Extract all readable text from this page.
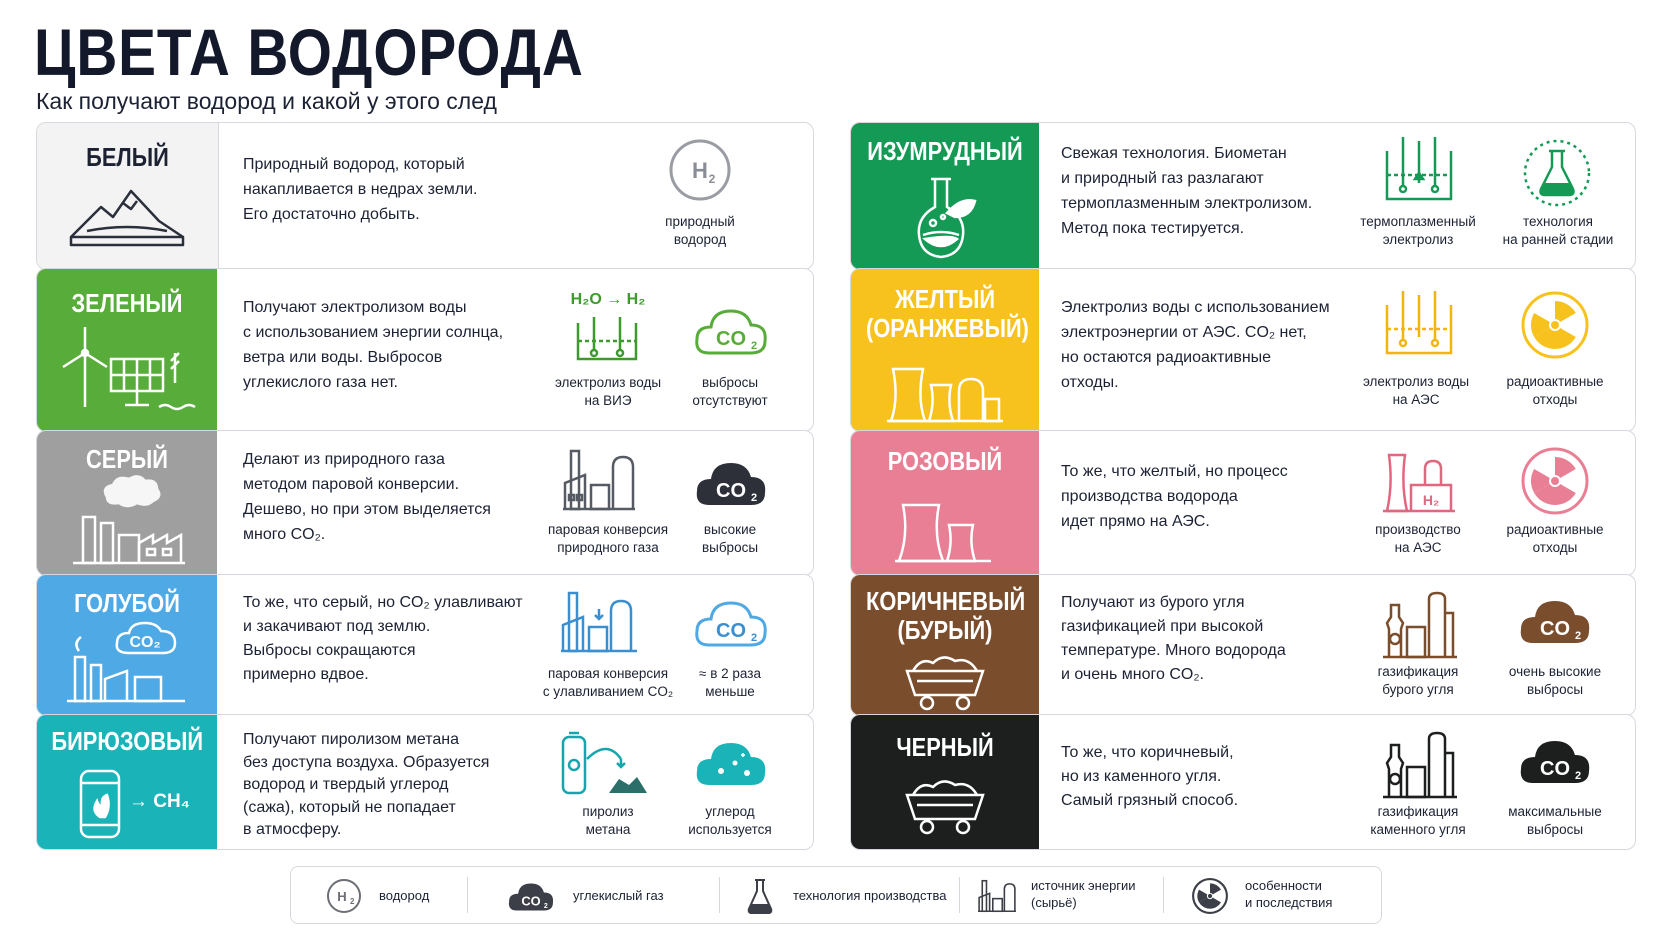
ЦВЕТА ВОДОРОДА
Как получают водород и какой у этого след
БЕЛЫЙ	Природный водород, который
накапливается в недрах земли.
Его достаточно добыть.
H 2
природный
водород
ЗЕЛЕНЫЙ	Получают электролизом воды
с использованием энергии солнца,
ветра или воды. Выбросов
углекислого газа нет.
H₂O → H₂
электролиз воды
на ВИЭ
CO 2
выбросы
отсутствуют
СЕРЫЙ	Делают из природного газа
методом паровой конверсии.
Дешево, но при этом выделяется
много CO₂.	паровая конверсия
природного газа
CO 2
высокие
выбросы
ГОЛУБОЙ
CO₂
То же, что серый, но CO₂ улавливают
и закачивают под землю.
Выбросы сокращаются
примерно вдвое.	паровая конверсия
с улавливанием CO₂
CO 2
≈ в 2 раза
меньше
БИРЮЗОВЫЙ
→ CH₄
Получают пиролизом метана
без доступа воздуха. Образуется
водород и твердый углерод
(сажа), который не попадает
в атмосферу.
пиролиз
метана
углерод
используется
ИЗУМРУДНЫЙ Свежая технология. Биометан
и природный газ разлагают
термоплазменным электролизом.
Метод пока тестируется.	термоплазменный
электролиз
технология
на ранней стадии
ЖЕЛТЫЙ
(ОРАНЖЕВЫЙ)
Электролиз воды с использованием
электроэнергии от АЭС. CO₂ нет,
но остаются радиоактивные
отходы.	электролиз воды
на АЭС
радиоактивные
отходы
РОЗОВЫЙ	То же, что желтый, но процесс
производства водорода
идет прямо на АЭС.
H₂
производство
на АЭС
радиоактивные
отходы
КОРИЧНЕВЫЙ
(БУРЫЙ)
Получают из бурого угля
газификацией при высокой
температуре. Много водорода
и очень много CO₂.	газификация
бурого угля
CO 2
очень высокие
выбросы
ЧЕРНЫЙ	То же, что коричневый,
но из каменного угля.
Самый грязный способ.
газификация
каменного угля
CO 2
максимальные
выбросы
H 2 водород	CO 2
углекислый газ	технология производства
источник энергии
(сырьё)
особенности
и последствия
